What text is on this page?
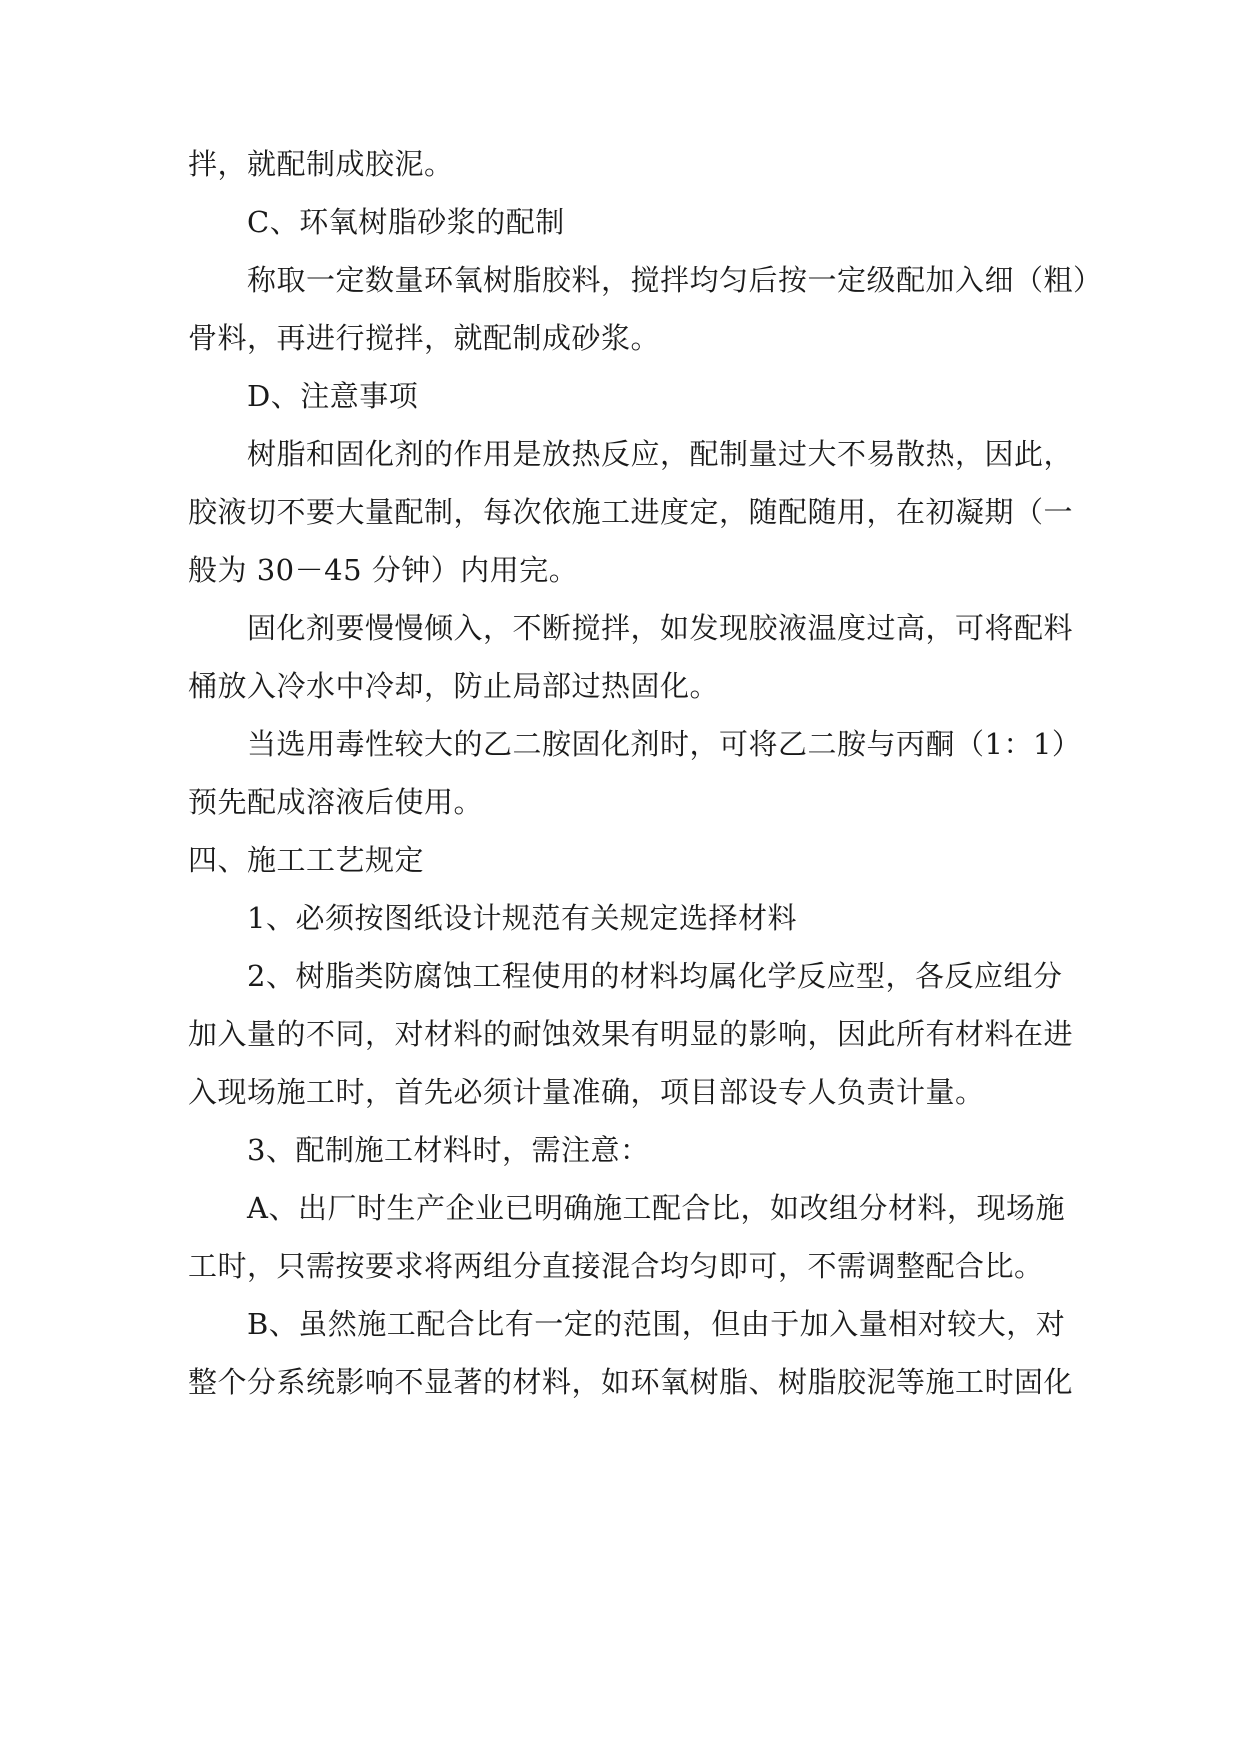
拌，就配制成胶泥。

C、环氧树脂砂浆的配制

称取一定数量环氧树脂胶料，搅拌均匀后按一定级配加入细（粗）

骨料，再进行搅拌，就配制成砂浆。

D、注意事项

树脂和固化剂的作用是放热反应，配制量过大不易散热，因此，

胶液切不要大量配制，每次依施工进度定，随配随用，在初凝期（一

般为 30－45 分钟）内用完。

固化剂要慢慢倾入，不断搅拌，如发现胶液温度过高，可将配料

桶放入冷水中冷却，防止局部过热固化。

当选用毒性较大的乙二胺固化剂时，可将乙二胺与丙酮（1：1）

预先配成溶液后使用。

四、施工工艺规定

1、必须按图纸设计规范有关规定选择材料

2、树脂类防腐蚀工程使用的材料均属化学反应型，各反应组分

加入量的不同，对材料的耐蚀效果有明显的影响，因此所有材料在进

入现场施工时，首先必须计量准确，项目部设专人负责计量。

3、配制施工材料时，需注意：

A、出厂时生产企业已明确施工配合比，如改组分材料，现场施

工时，只需按要求将两组分直接混合均匀即可，不需调整配合比。

B、虽然施工配合比有一定的范围，但由于加入量相对较大，对

整个分系统影响不显著的材料，如环氧树脂、树脂胶泥等施工时固化
